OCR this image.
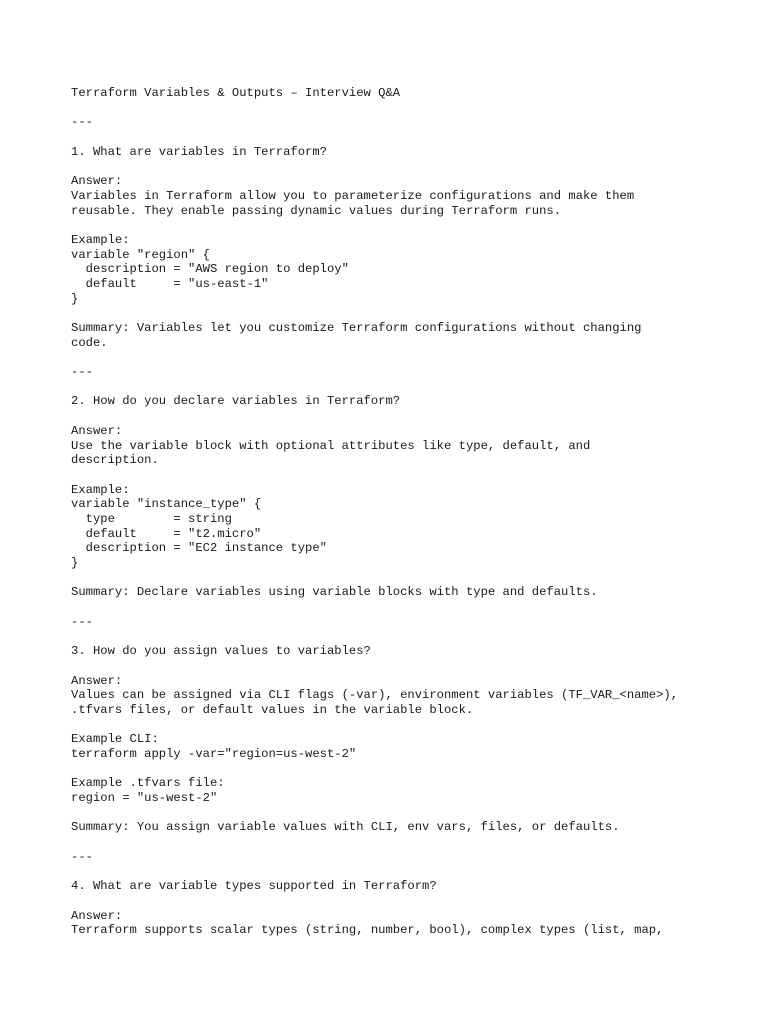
Terraform Variables & Outputs – Interview Q&A
---
1. What are variables in Terraform?
Answer:
Variables in Terraform allow you to parameterize configurations and make them
reusable. They enable passing dynamic values during Terraform runs.
Example:
variable "region" {
description = "AWS region to deploy"
default     = "us-east-1"
}
Summary: Variables let you customize Terraform configurations without changing
code.
---
2. How do you declare variables in Terraform?
Answer:
Use the variable block with optional attributes like type, default, and
description.
Example:
variable "instance_type" {
type        = string
default     = "t2.micro"
description = "EC2 instance type"
}
Summary: Declare variables using variable blocks with type and defaults.
---
3. How do you assign values to variables?
Answer:
Values can be assigned via CLI flags (-var), environment variables (TF_VAR_<name>),
.tfvars files, or default values in the variable block.
Example CLI:
terraform apply -var="region=us-west-2"
Example .tfvars file:
region = "us-west-2"
Summary: You assign variable values with CLI, env vars, files, or defaults.
---
4. What are variable types supported in Terraform?
Answer:
Terraform supports scalar types (string, number, bool), complex types (list, map,
